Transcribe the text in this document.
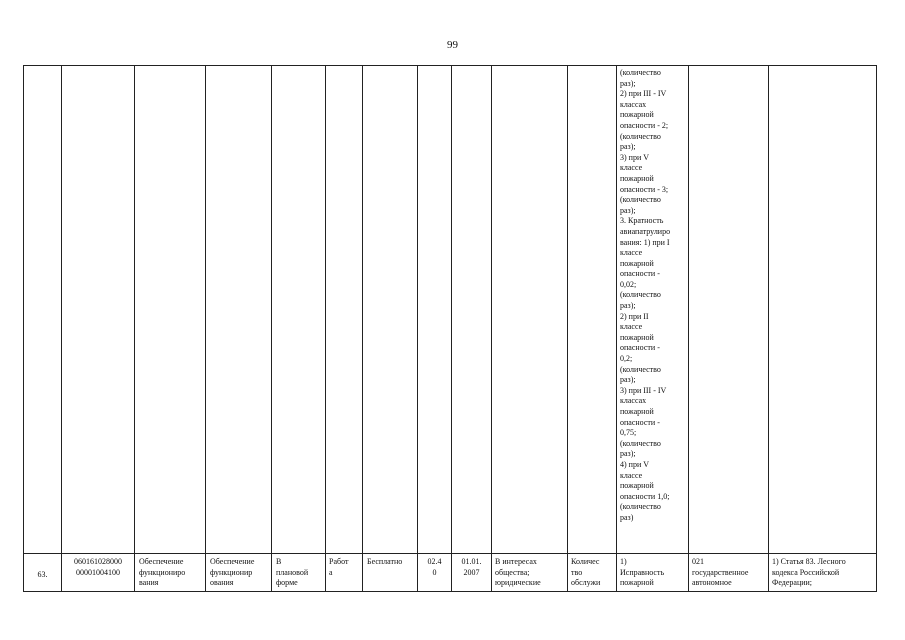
99
(количество
раз);
2) при III - IV
классах
пожарной
опасности - 2;
(количество
раз);
3) при V
классе
пожарной
опасности - 3;
(количество
раз);
3. Кратность
авиапатрулиро
вания: 1) при I
классе
пожарной
опасности -
0,02;
(количество
раз);
2) при II
классе
пожарной
опасности -
0,2;
(количество
раз);
3) при III - IV
классах
пожарной
опасности -
0,75;
(количество
раз);
4) при V
классе
пожарной
опасности 1,0;
(количество
раз)
63.
060161028000
00001004100
Обеспечение
функциониро
вания
Обеспечение
функционир
ования
В
плановой
форме
Работ
а
Бесплатно	02.4
0
01.01.
2007
В интересах
общества;
юридические
Количес
тво
обслужи
1)
Исправность
пожарной
021
государственное
автономное
1) Статья 83. Лесного
кодекса Российской
Федерации;
